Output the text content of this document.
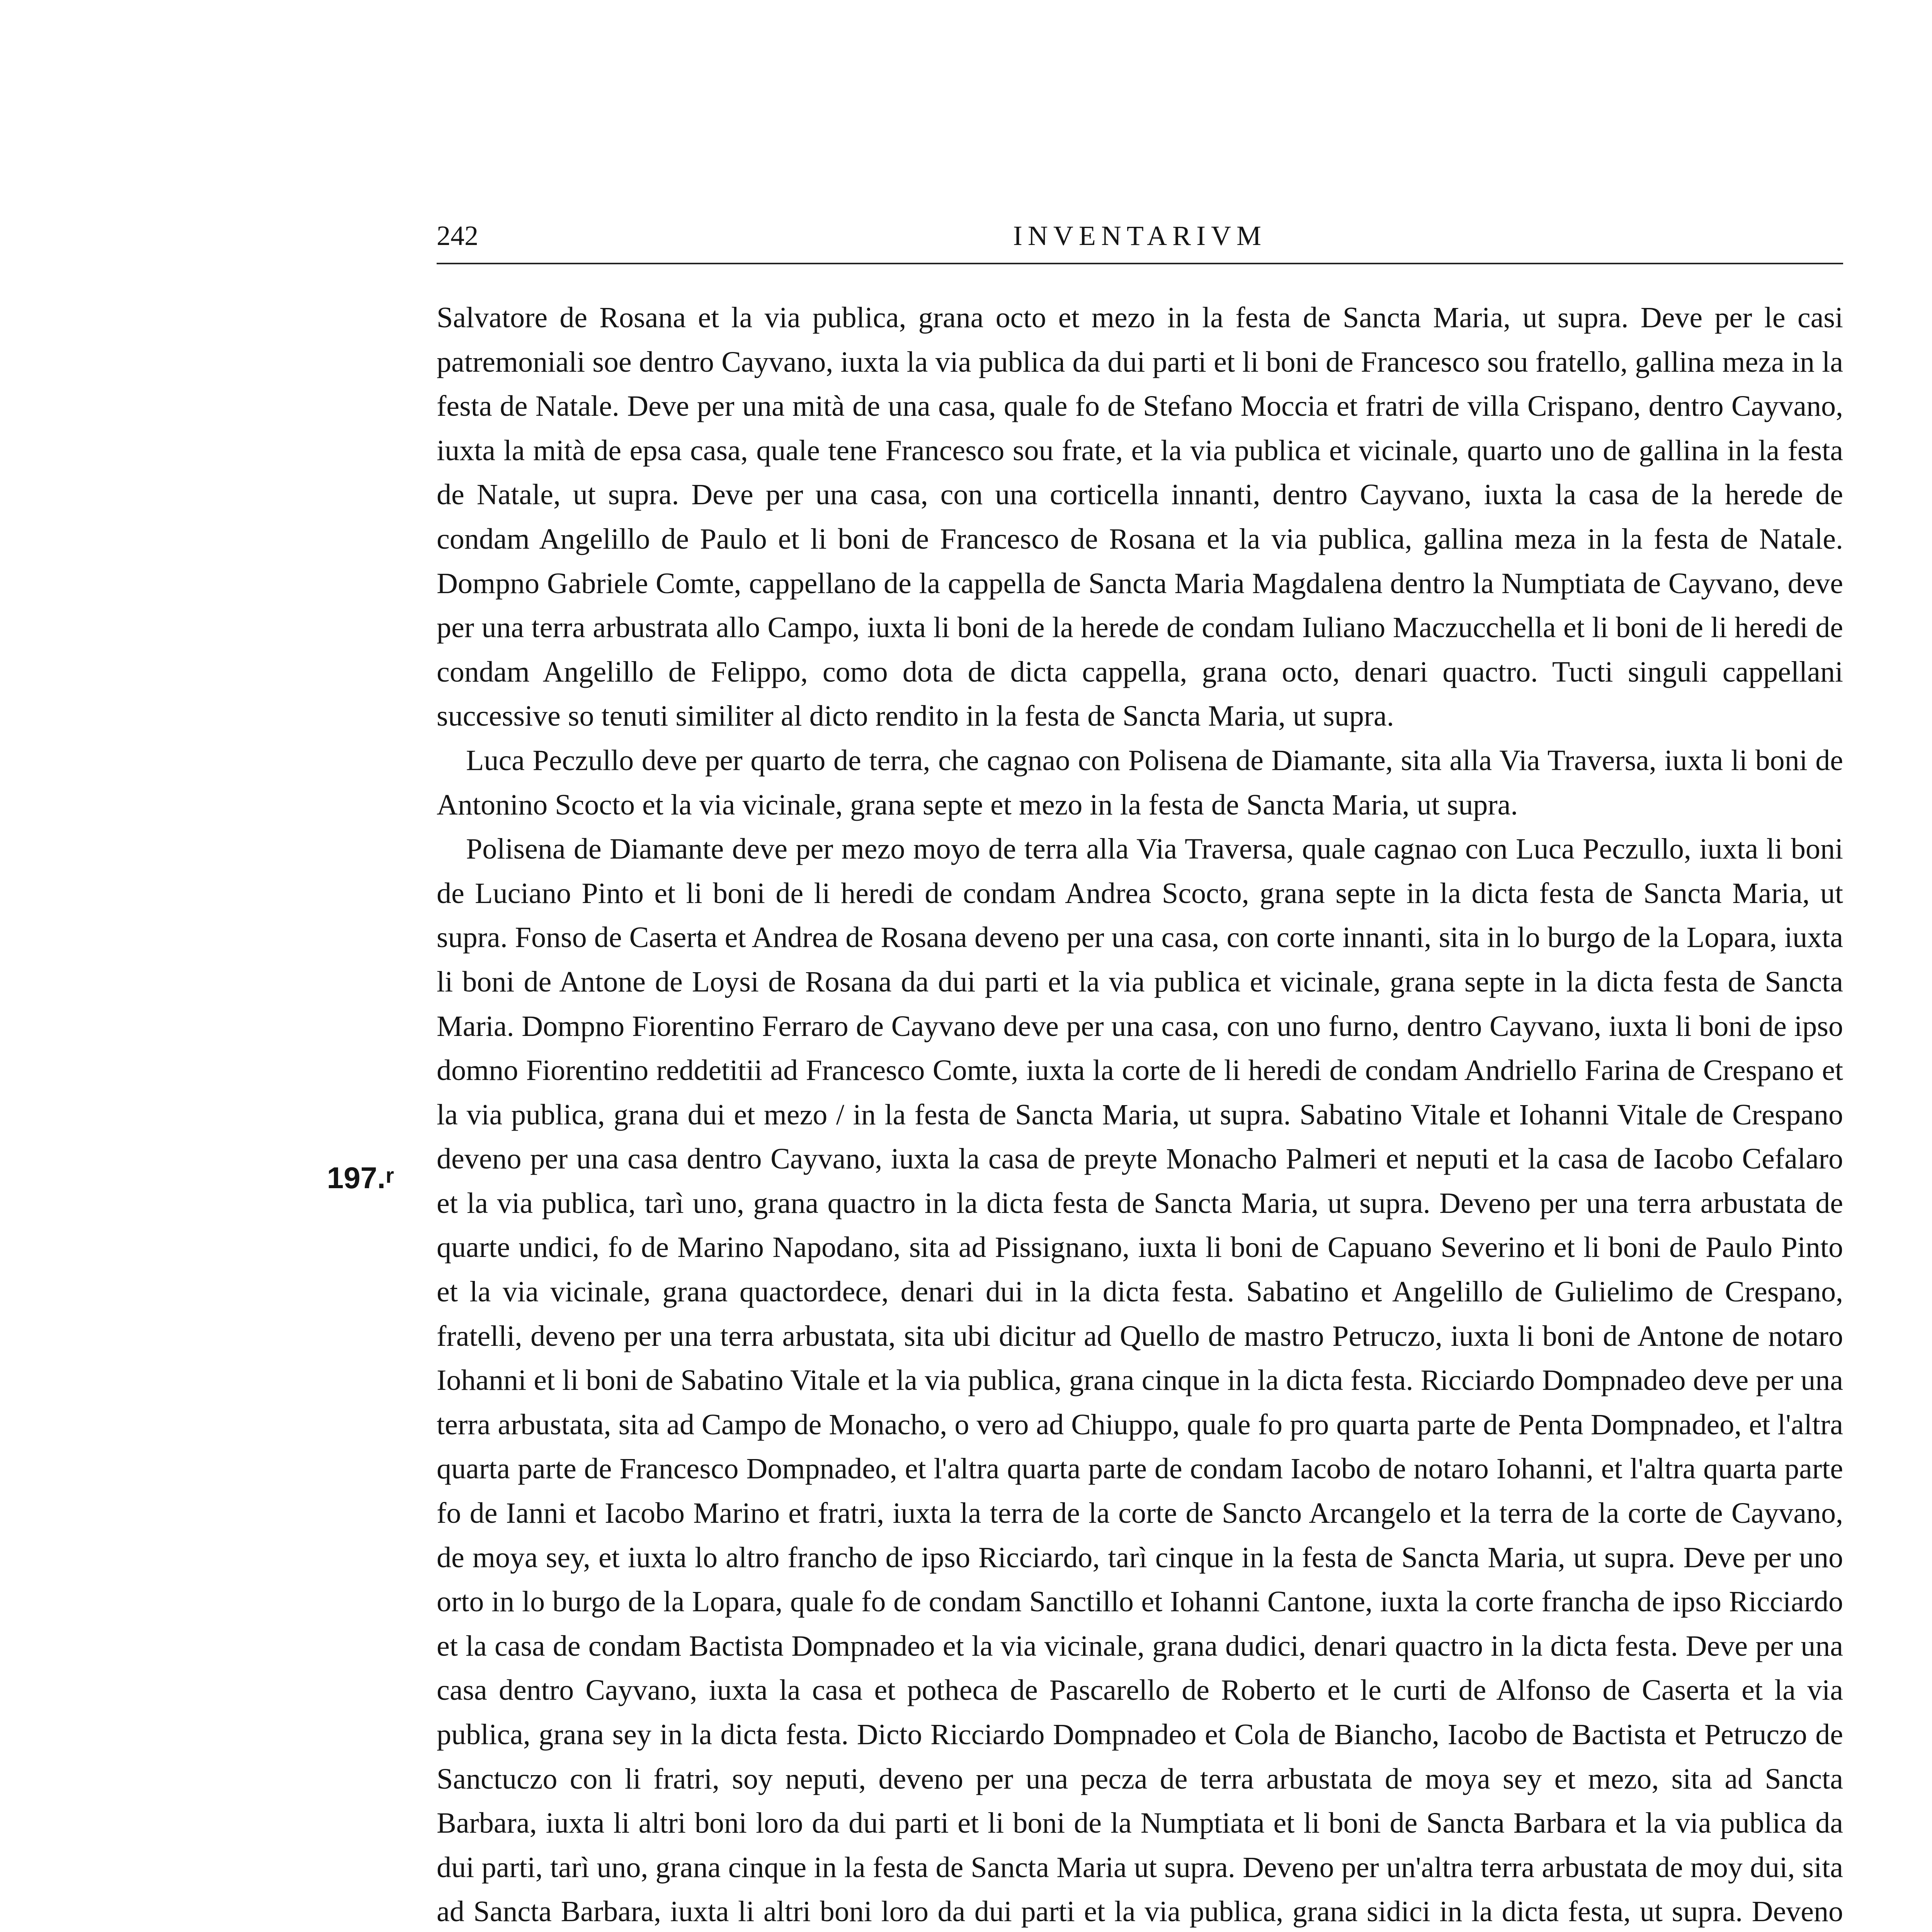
242	INVENTARIVM
197.r

Salvatore de Rosana et la via publica, grana octo et mezo in la festa de Sancta Maria, ut supra. Deve per le casi patremoniali soe dentro Cayvano, iuxta la via publica da dui parti et li boni de Francesco sou fratello, gallina meza in la festa de Natale. Deve per una mità de una casa, quale fo de Stefano Moccia et fratri de villa Crispano, dentro Cayvano, iuxta la mità de epsa casa, quale tene Francesco sou frate, et la via publica et vicinale, quarto uno de gallina in la festa de Natale, ut supra. Deve per una casa, con una corticella innanti, dentro Cayvano, iuxta la casa de la herede de condam Angelillo de Paulo et li boni de Francesco de Rosana et la via publica, gallina meza in la festa de Natale. Dompno Gabriele Comte, cappellano de la cappella de Sancta Maria Magdalena dentro la Numptiata de Cayvano, deve per una terra arbustrata allo Campo, iuxta li boni de la herede de condam Iuliano Maczucchella et li boni de li heredi de condam Angelillo de Felippo, como dota de dicta cappella, grana octo, denari quactro. Tucti singuli cappellani successive so tenuti similiter al dicto rendito in la festa de Sancta Maria, ut supra.

Luca Peczullo deve per quarto de terra, che cagnao con Polisena de Diamante, sita alla Via Traversa, iuxta li boni de Antonino Scocto et la via vicinale, grana septe et mezo in la festa de Sancta Maria, ut supra.

Polisena de Diamante deve per mezo moyo de terra alla Via Traversa, quale cagnao con Luca Peczullo, iuxta li boni de Luciano Pinto et li boni de li heredi de condam Andrea Scocto, grana septe in la dicta festa de Sancta Maria, ut supra. Fonso de Caserta et Andrea de Rosana deveno per una casa, con corte innanti, sita in lo burgo de la Lopara, iuxta li boni de Antone de Loysi de Rosana da dui parti et la via publica et vicinale, grana septe in la dicta festa de Sancta Maria. Dompno Fiorentino Ferraro de Cayvano deve per una casa, con uno furno, dentro Cayvano, iuxta li boni de ipso domno Fiorentino reddetitii ad Francesco Comte, iuxta la corte de li heredi de condam Andriello Farina de Crespano et la via publica, grana dui et mezo / in la festa de Sancta Maria, ut supra. Sabatino Vitale et Iohanni Vitale de Crespano deveno per una casa dentro Cayvano, iuxta la casa de preyte Monacho Palmeri et neputi et la casa de Iacobo Cefalaro et la via publica, tarì uno, grana quactro in la dicta festa de Sancta Maria, ut supra. Deveno per una terra arbustata de quarte undici, fo de Marino Napodano, sita ad Pissignano, iuxta li boni de Capuano Severino et li boni de Paulo Pinto et la via vicinale, grana quactordece, denari dui in la dicta festa. Sabatino et Angelillo de Gulielimo de Crespano, fratelli, deveno per una terra arbustata, sita ubi dicitur ad Quello de mastro Petruczo, iuxta li boni de Antone de notaro Iohanni et li boni de Sabatino Vitale et la via publica, grana cinque in la dicta festa. Ricciardo Dompnadeo deve per una terra arbustata, sita ad Campo de Monacho, o vero ad Chiuppo, quale fo pro quarta parte de Penta Dompnadeo, et l'altra quarta parte de Francesco Dompnadeo, et l'altra quarta parte de condam Iacobo de notaro Iohanni, et l'altra quarta parte fo de Ianni et Iacobo Marino et fratri, iuxta la terra de la corte de Sancto Arcangelo et la terra de la corte de Cayvano, de moya sey, et iuxta lo altro francho de ipso Ricciardo, tarì cinque in la festa de Sancta Maria, ut supra. Deve per uno orto in lo burgo de la Lopara, quale fo de condam Sanctillo et Iohanni Cantone, iuxta la corte francha de ipso Ricciardo et la casa de condam Bactista Dompnadeo et la via vicinale, grana dudici, denari quactro in la dicta festa. Deve per una casa dentro Cayvano, iuxta la casa et potheca de Pascarello de Roberto et le curti de Alfonso de Caserta et la via publica, grana sey in la dicta festa. Dicto Ricciardo Dompnadeo et Cola de Biancho, Iacobo de Bactista et Petruczo de Sanctuczo con li fratri, soy neputi, deveno per una pecza de terra arbustata de moya sey et mezo, sita ad Sancta Barbara, iuxta li altri boni loro da dui parti et li boni de la Numptiata et li boni de Sancta Barbara et la via publica da dui parti, tarì uno, grana cinque in la festa de Sancta Maria ut supra. Deveno per un'altra terra arbustata de moy dui, sita ad Sancta Barbara, iuxta li altri boni loro da dui parti et la via publica, grana sidici in la dicta festa, ut supra. Deveno
